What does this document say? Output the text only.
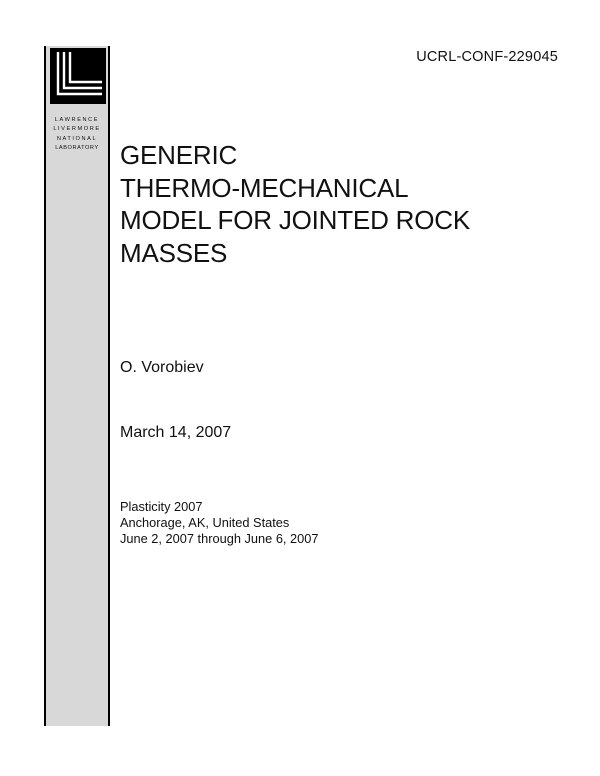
LAWRENCE
LIVERMORE
NATIONAL
LABORATORY
UCRL-CONF-229045
GENERIC
THERMO-MECHANICAL
MODEL FOR JOINTED ROCK
MASSES
O. Vorobiev
March 14, 2007
Plasticity 2007
Anchorage, AK, United States
June 2, 2007 through June 6, 2007
